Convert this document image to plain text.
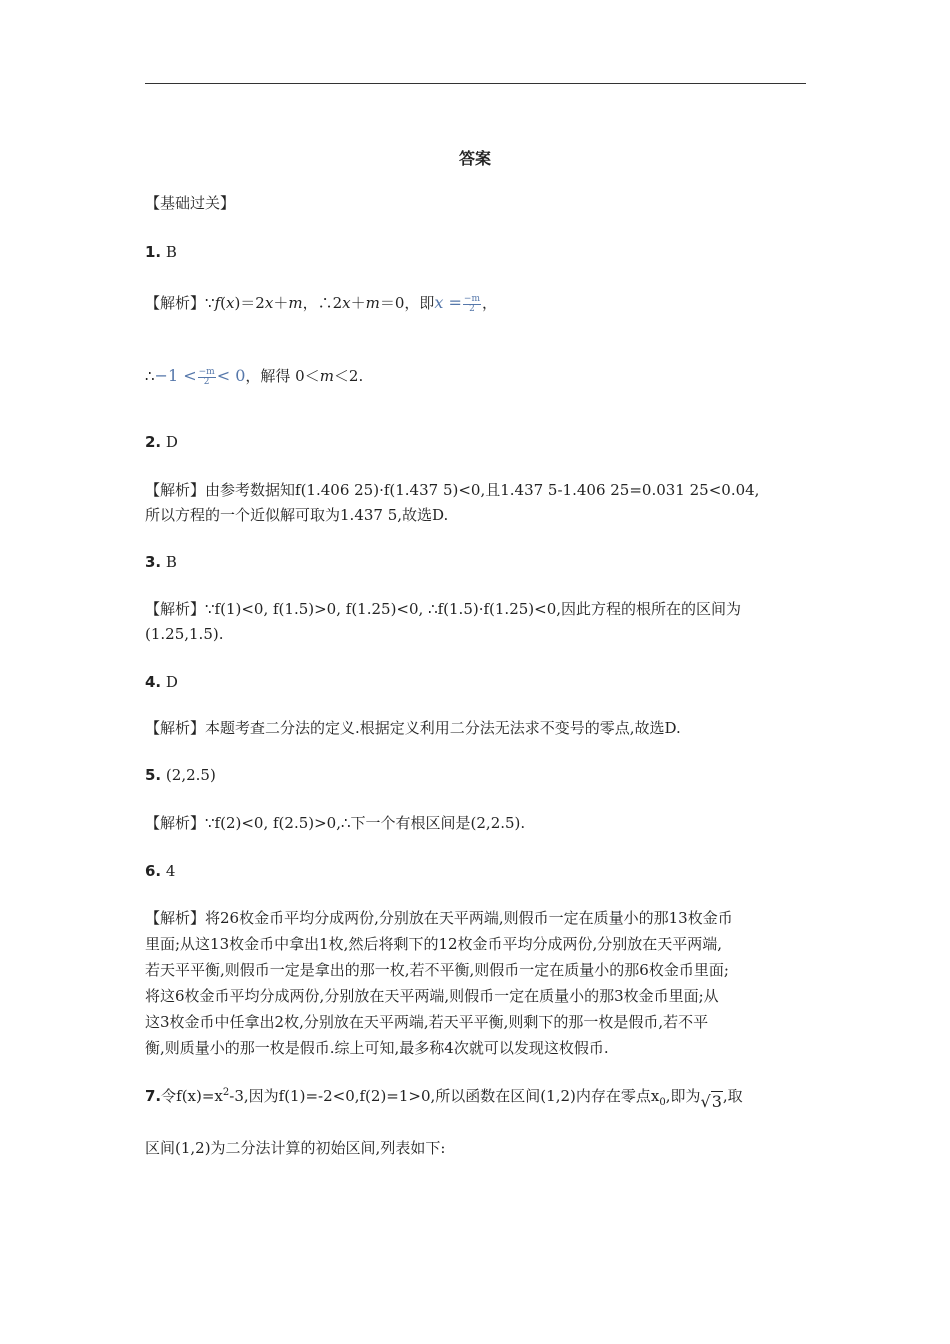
答案
【基础过关】
1. B
【解析】∵f(x)＝2x＋m，∴2x＋m＝0，即$x = \frac{-m}{2}$ ，
∴−1 < $\frac{-m}{2} < 0$，解得 0＜m＜2.
2. D
【解析】由参考数据知f(1.406 25)·f(1.437 5)<0,且1.437 5-1.406 25=0.031 25<0.04,
所以方程的一个近似解可取为1.437 5,故选D.
3. B
【解析】∵f(1)<0, f(1.5)>0, f(1.25)<0, ∴f(1.5)·f(1.25)<0,因此方程的根所在的区间为
(1.25,1.5).
4. D
【解析】本题考查二分法的定义.根据定义利用二分法无法求不变号的零点,故选D.
5. (2,2.5)
【解析】∵f(2)<0, f(2.5)>0,∴下一个有根区间是(2,2.5).
6. 4
【解析】将26枚金币平均分成两份,分别放在天平两端,则假币一定在质量小的那13枚金币
里面;从这13枚金币中拿出1枚,然后将剩下的12枚金币平均分成两份,分别放在天平两端,
若天平平衡,则假币一定是拿出的那一枚,若不平衡,则假币一定在质量小的那6枚金币里面;
将这6枚金币平均分成两份,分别放在天平两端,则假币一定在质量小的那3枚金币里面;从
这3枚金币中任拿出2枚,分别放在天平两端,若天平平衡,则剩下的那一枚是假币,若不平
衡,则质量小的那一枚是假币.综上可知,最多称4次就可以发现这枚假币.
7.令$f(x)=x^2-3$,因为f(1)=-2<0,f(2)=1>0,所以函数在区间(1,2)内存在零点$x_0$,即为√3,取
区间(1,2)为二分法计算的初始区间,列表如下:
